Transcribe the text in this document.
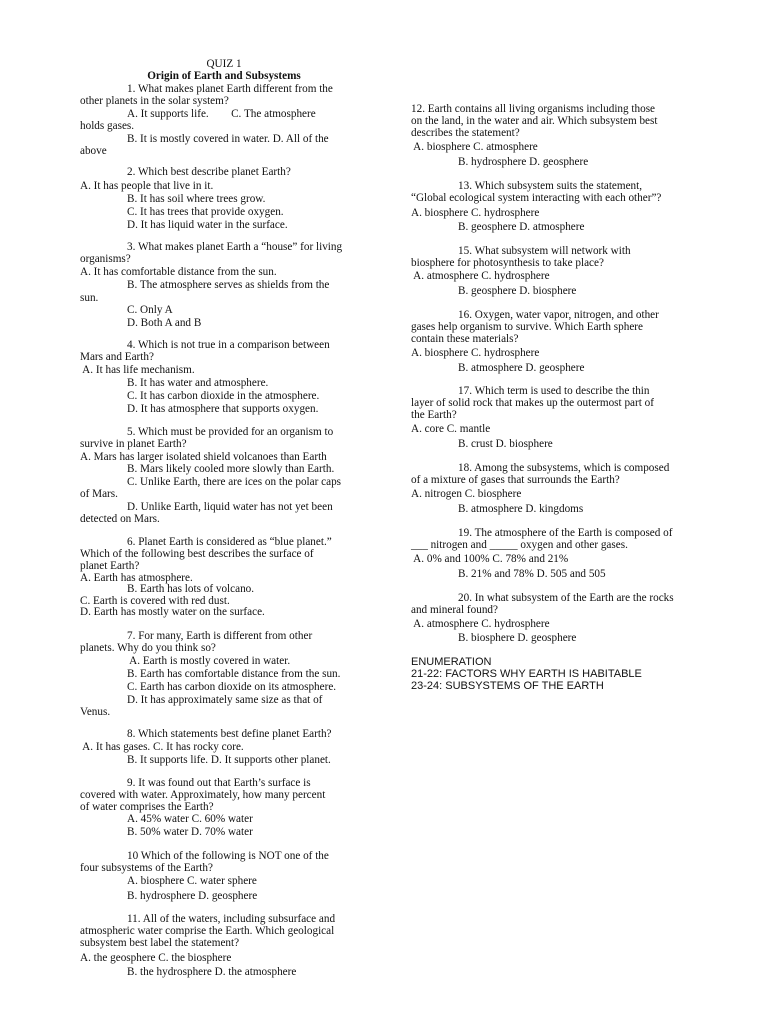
QUIZ 1
Origin of Earth and Subsystems
1. What makes planet Earth different from the
other planets in the solar system?
A. It supports life.        C. The atmosphere
holds gases.
B. It is mostly covered in water. D. All of the
above
2. Which best describe planet Earth?
A. It has people that live in it.
B. It has soil where trees grow.
C. It has trees that provide oxygen.
D. It has liquid water in the surface.
3. What makes planet Earth a “house” for living
organisms?
A. It has comfortable distance from the sun.
B. The atmosphere serves as shields from the
sun.
C. Only A
D. Both A and B
4. Which is not true in a comparison between
Mars and Earth?
A. It has life mechanism.
B. It has water and atmosphere.
C. It has carbon dioxide in the atmosphere.
D. It has atmosphere that supports oxygen.
5. Which must be provided for an organism to
survive in planet Earth?
A. Mars has larger isolated shield volcanoes than Earth
B. Mars likely cooled more slowly than Earth.
C. Unlike Earth, there are ices on the polar caps
of Mars.
D. Unlike Earth, liquid water has not yet been
detected on Mars.
6. Planet Earth is considered as “blue planet.”
Which of the following best describes the surface of
planet Earth?
A. Earth has atmosphere.
B. Earth has lots of volcano.
C. Earth is covered with red dust.
D. Earth has mostly water on the surface.
7. For many, Earth is different from other
planets. Why do you think so?
A. Earth is mostly covered in water.
B. Earth has comfortable distance from the sun.
C. Earth has carbon dioxide on its atmosphere.
D. It has approximately same size as that of
Venus.
8. Which statements best define planet Earth?
A. It has gases. C. It has rocky core.
B. It supports life. D. It supports other planet.
9. It was found out that Earth’s surface is
covered with water. Approximately, how many percent
of water comprises the Earth?
A. 45% water C. 60% water
B. 50% water D. 70% water
10 Which of the following is NOT one of the
four subsystems of the Earth?
A. biosphere C. water sphere
B. hydrosphere D. geosphere
11. All of the waters, including subsurface and
atmospheric water comprise the Earth. Which geological
subsystem best label the statement?
A. the geosphere C. the biosphere
B. the hydrosphere D. the atmosphere
12. Earth contains all living organisms including those
on the land, in the water and air. Which subsystem best
describes the statement?
A. biosphere C. atmosphere
B. hydrosphere D. geosphere
13. Which subsystem suits the statement,
“Global ecological system interacting with each other”?
A. biosphere C. hydrosphere
B. geosphere D. atmosphere
15. What subsystem will network with
biosphere for photosynthesis to take place?
A. atmosphere C. hydrosphere
B. geosphere D. biosphere
16. Oxygen, water vapor, nitrogen, and other
gases help organism to survive. Which Earth sphere
contain these materials?
A. biosphere C. hydrosphere
B. atmosphere D. geosphere
17. Which term is used to describe the thin
layer of solid rock that makes up the outermost part of
the Earth?
A. core C. mantle
B. crust D. biosphere
18. Among the subsystems, which is composed
of a mixture of gases that surrounds the Earth?
A. nitrogen C. biosphere
B. atmosphere D. kingdoms
19. The atmosphere of the Earth is composed of
___ nitrogen and _____ oxygen and other gases.
A. 0% and 100% C. 78% and 21%
B. 21% and 78% D. 505 and 505
20. In what subsystem of the Earth are the rocks
and mineral found?
A. atmosphere C. hydrosphere
B. biosphere D. geosphere
ENUMERATION
21-22: FACTORS WHY EARTH IS HABITABLE
23-24: SUBSYSTEMS OF THE EARTH
